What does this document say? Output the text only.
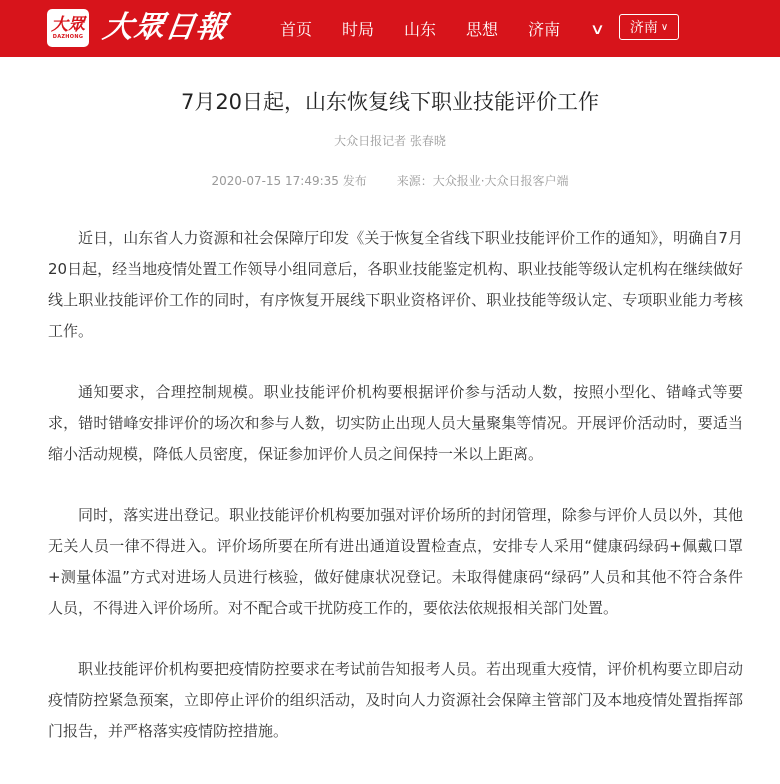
大眾
DAZHONG 大眾日報	首页 时局 山东 思想 济南 ∨ 济南 ∨
7月20日起，山东恢复线下职业技能评价工作
大众日报记者 张春晓
2020-07-15 17:49:35 发布	来源：大众报业·大众日报客户端

近日，山东省人力资源和社会保障厅印发《关于恢复全省线下职业技能评价工作的通知》，明确自7月20日起，经当地疫情处置工作领导小组同意后，各职业技能鉴定机构、职业技能等级认定机构在继续做好线上职业技能评价工作的同时，有序恢复开展线下职业资格评价、职业技能等级认定、专项职业能力考核工作。

通知要求，合理控制规模。职业技能评价机构要根据评价参与活动人数，按照小型化、错峰式等要求，错时错峰安排评价的场次和参与人数，切实防止出现人员大量聚集等情况。开展评价活动时，要适当缩小活动规模，降低人员密度，保证参加评价人员之间保持一米以上距离。

同时，落实进出登记。职业技能评价机构要加强对评价场所的封闭管理，除参与评价人员以外，其他无关人员一律不得进入。评价场所要在所有进出通道设置检查点，安排专人采用“健康码绿码+佩戴口罩+测量体温”方式对进场人员进行核验，做好健康状况登记。未取得健康码“绿码”人员和其他不符合条件人员，不得进入评价场所。对不配合或干扰防疫工作的，要依法依规报相关部门处置。

职业技能评价机构要把疫情防控要求在考试前告知报考人员。若出现重大疫情，评价机构要立即启动疫情防控紧急预案，立即停止评价的组织活动，及时向人力资源社会保障主管部门及本地疫情处置指挥部门报告，并严格落实疫情防控措施。
